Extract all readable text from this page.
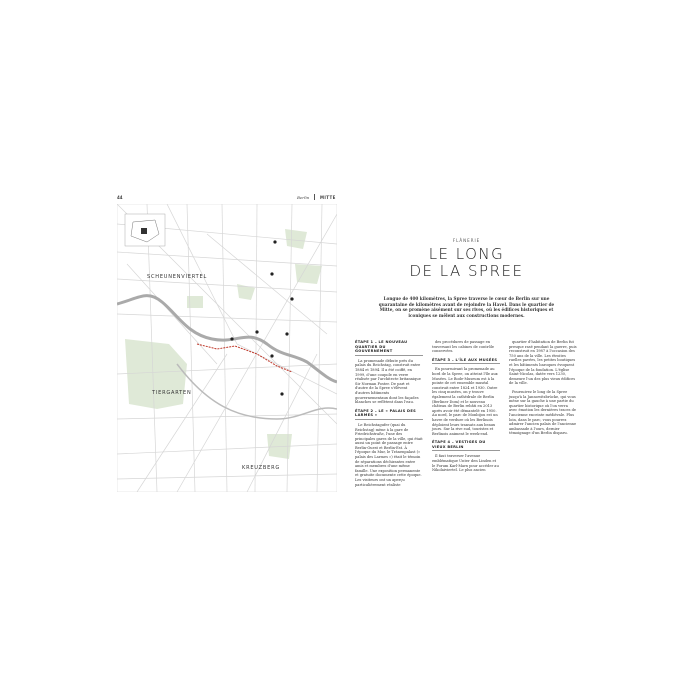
44	Berlin	MITTE
SCHEUNENVIERTEL
TIERGARTEN
KREUZBERG
FLÂNERIE
LE LONG
DE LA SPREE
Longue de 400 kilomètres, la Spree traverse le cœur de Berlin sur une quarantaine de kilomètres avant de rejoindre la Havel. Dans le quartier de Mitte, on se promène aisément sur ses rives, où les édifices historiques et iconiques se mêlent aux constructions modernes.
ÉTAPE 1 – LE NOUVEAU QUARTIER DU GOUVERNEMENT

La promenade débute près du palais du Reichstag, construit entre 1884 et 1894. Il a été coiffé, en 1999, d'une coupole en verre réalisée par l'architecte britannique Sir Norman Foster. De part et d'autre de la Spree s'élèvent d'autres bâtiments gouvernementaux dont les façades blanches se reflètent dans l'eau.

ÉTAPE 2 – LE « PALAIS DES LARMES »

Le Reichstagufer (quai du Reichstag) mène à la gare de Friedrichstraße, l'une des principales gares de la ville, qui était aussi un point de passage entre Berlin-Ouest et Berlin-Est. À l'époque du Mur, le Tränenpalast (« palais des Larmes ») était le témoin de séparations déchirantes entre amis et membres d'une même famille. Une exposition permanente et gratuite documente cette époque. Les visiteurs ont un aperçu particulièrement réaliste

des procédures de passage en traversant les cabines de contrôle conservées.

ÉTAPE 3 – L'ÎLE AUX MUSÉES

En poursuivant la promenade au bord de la Spree, on atteint l'île aux Musées. Le Bode-Museum est à la pointe de cet ensemble muséal construit entre 1824 et 1930. Outre les cinq musées, on y trouve également la cathédrale de Berlin (Berliner Dom) et le nouveau château de Berlin rebâti en 2013 après avoir été démantelé en 1950. Au nord, le parc de Monbijou est un havre de verdure où les Berlinois déploient leurs transats aux beaux jours. Sur la rive sud, touristes et Berlinois animent le week-end.

ÉTAPE 4 – VESTIGES DU VIEUX BERLIN

Il faut traverser l'avenue emblématique Unter den Linden et le Forum Karl-Marx pour accéder au Nikolaiviertel. Le plus ancien

quartier d'habitation de Berlin fut presque rasé pendant la guerre, puis reconstruit en 1987 à l'occasion des 750 ans de la ville. Les étroites ruelles pavées, les petites boutiques et les bâtiments baroques évoquent l'époque de la fondation. L'église Saint-Nicolas, datée vers 1230, demeure l'un des plus vieux édifices de la ville.

Poursuivez le long de la Spree jusqu'à la Jannowitzbrücke, qui vous mène sur la gauche à une partie du quartier historique où l'on verra avec émotion les dernières traces de l'ancienne enceinte médiévale. Plus loin, dans le parc, vous pourrez admirer l'ancien palais de l'ancienne ambassade à l'ours, dernier témoignage d'un Berlin disparu.
